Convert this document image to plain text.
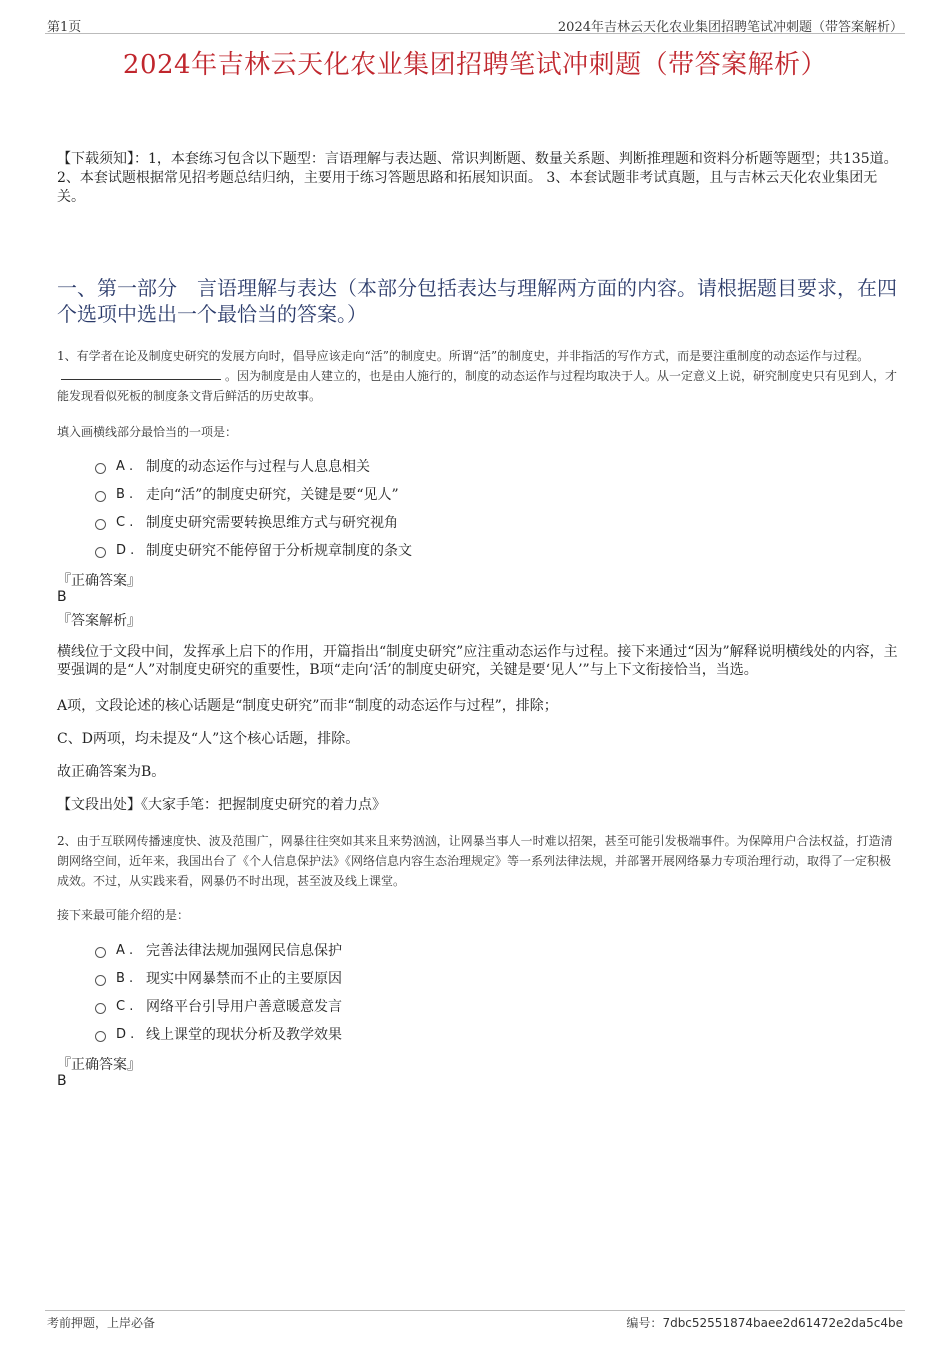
第1页	2024年吉林云天化农业集团招聘笔试冲刺题（带答案解析）
2024年吉林云天化农业集团招聘笔试冲刺题（带答案解析）
【下载须知】：1，本套练习包含以下题型：言语理解与表达题、常识判断题、数量关系题、判断推理题和资料分析题等题型；共135道。 2、本套试题根据常见招考题总结归纳，主要用于练习答题思路和拓展知识面。 3、本套试题非考试真题，且与吉林云天化农业集团无关。
一、第一部分　言语理解与表达（本部分包括表达与理解两方面的内容。请根据题目要求，在四个选项中选出一个最恰当的答案。）
1、有学者在论及制度史研究的发展方向时，倡导应该走向“活”的制度史。所谓“活”的制度史，并非指活的写作方式，而是要注重制度的动态运作与过程。。因为制度是由人建立的，也是由人施行的，制度的动态运作与过程均取决于人。从一定意义上说，研究制度史只有见到人，才能发现看似死板的制度条文背后鲜活的历史故事。
填入画横线部分最恰当的一项是：
A . 制度的动态运作与过程与人息息相关
B . 走向“活”的制度史研究，关键是要“见人”
C . 制度史研究需要转换思维方式与研究视角
D . 制度史研究不能停留于分析规章制度的条文
『正确答案』
B
『答案解析』
横线位于文段中间，发挥承上启下的作用，开篇指出“制度史研究”应注重动态运作与过程。接下来通过“因为”解释说明横线处的内容，主要强调的是“人”对制度史研究的重要性，B项“走向‘活’的制度史研究，关键是要‘见人’”与上下文衔接恰当，当选。
A项，文段论述的核心话题是“制度史研究”而非“制度的动态运作与过程”，排除；
C、D两项，均未提及“人”这个核心话题，排除。
故正确答案为B。
【文段出处】《大家手笔：把握制度史研究的着力点》
2、由于互联网传播速度快、波及范围广，网暴往往突如其来且来势汹汹，让网暴当事人一时难以招架，甚至可能引发极端事件。为保障用户合法权益，打造清朗网络空间，近年来，我国出台了《个人信息保护法》《网络信息内容生态治理规定》等一系列法律法规，并部署开展网络暴力专项治理行动，取得了一定积极成效。不过，从实践来看，网暴仍不时出现，甚至波及线上课堂。
接下来最可能介绍的是：
A . 完善法律法规加强网民信息保护
B . 现实中网暴禁而不止的主要原因
C . 网络平台引导用户善意暖意发言
D . 线上课堂的现状分析及教学效果
『正确答案』
B
考前押题，上岸必备	编号：7dbc52551874baee2d61472e2da5c4be
